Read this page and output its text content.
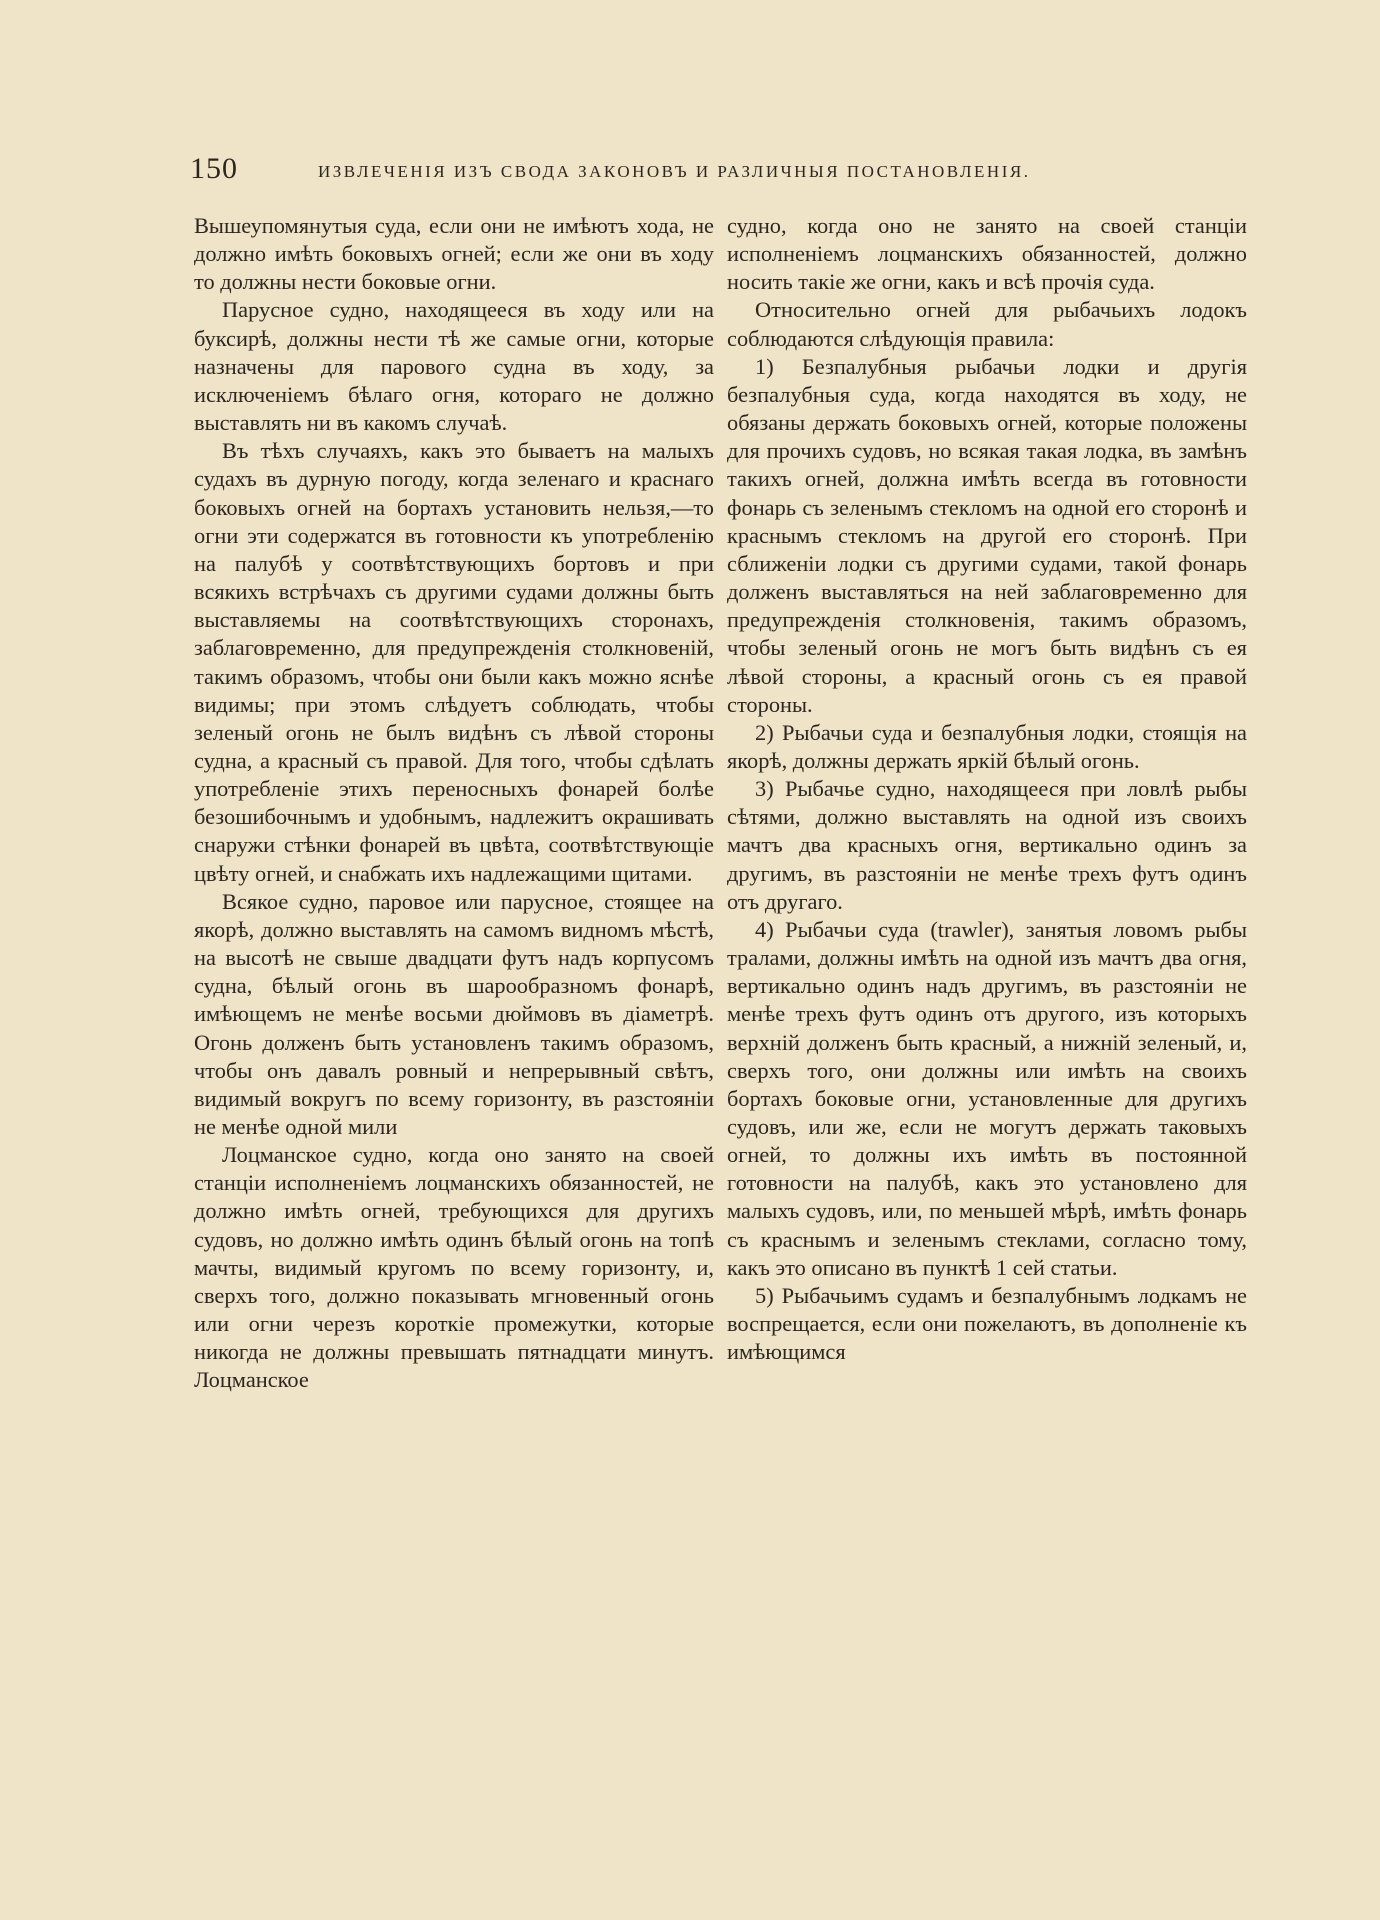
150	ИЗВЛЕЧЕНІЯ ИЗЪ СВОДА ЗАКОНОВЪ И РАЗЛИЧНЫЯ ПОСТАНОВЛЕНІЯ.

Вышеупомянутыя суда, если они не имѣютъ хода, не должно имѣть боковыхъ огней; если же они въ ходу то должны нести боковые огни.

Парусное судно, находящееся въ ходу или на буксирѣ, должны нести тѣ же самые огни, которые назначены для парового судна въ ходу, за исключеніемъ бѣлаго огня, котораго не должно выставлять ни въ какомъ случаѣ.

Въ тѣхъ случаяхъ, какъ это бываетъ на малыхъ судахъ въ дурную погоду, когда зеленаго и краснаго боковыхъ огней на бортахъ установить нельзя,—то огни эти содержатся въ готовности къ употребленію на палубѣ у соотвѣтствующихъ бортовъ и при всякихъ встрѣчахъ съ другими судами должны быть выставляемы на соотвѣтствующихъ сторонахъ, заблаговременно, для предупрежденія столкновеній, такимъ образомъ, чтобы они были какъ можно яснѣе видимы; при этомъ слѣдуетъ соблюдать, чтобы зеленый огонь не былъ видѣнъ съ лѣвой стороны судна, а красный съ правой. Для того, чтобы сдѣлать употребленіе этихъ переносныхъ фонарей болѣе безошибочнымъ и удобнымъ, надлежитъ окрашивать снаружи стѣнки фонарей въ цвѣта, соотвѣтствующіе цвѣту огней, и снабжать ихъ надлежащими щитами.

Всякое судно, паровое или парусное, стоящее на якорѣ, должно выставлять на самомъ видномъ мѣстѣ, на высотѣ не свыше двадцати футъ надъ корпусомъ судна, бѣлый огонь въ шарообразномъ фонарѣ, имѣющемъ не менѣе восьми дюймовъ въ діаметрѣ. Огонь долженъ быть установленъ такимъ образомъ, чтобы онъ давалъ ровный и непрерывный свѣтъ, видимый вокругъ по всему горизонту, въ разстояніи не менѣе одной мили

Лоцманское судно, когда оно занято на своей станціи исполненіемъ лоцманскихъ обязанностей, не должно имѣть огней, требующихся для другихъ судовъ, но должно имѣть одинъ бѣлый огонь на топѣ мачты, видимый кругомъ по всему горизонту, и, сверхъ того, должно показывать мгновенный огонь или огни черезъ короткіе промежутки, которые никогда не должны превышать пятнадцати минутъ. Лоцманское

судно, когда оно не занято на своей станціи исполненіемъ лоцманскихъ обязанностей, должно носить такіе же огни, какъ и всѣ прочія суда.

Относительно огней для рыбачьихъ лодокъ соблюдаются слѣдующія правила:

1) Безпалубныя рыбачьи лодки и другія безпалубныя суда, когда находятся въ ходу, не обязаны держать боковыхъ огней, которые положены для прочихъ судовъ, но всякая такая лодка, въ замѣнъ такихъ огней, должна имѣть всегда въ готовности фонарь съ зеленымъ стекломъ на одной его сторонѣ и краснымъ стекломъ на другой его сторонѣ. При сближеніи лодки съ другими судами, такой фонарь долженъ выставляться на ней заблаговременно для предупрежденія столкновенія, такимъ образомъ, чтобы зеленый огонь не могъ быть видѣнъ съ ея лѣвой стороны, а красный огонь съ ея правой стороны.

2) Рыбачьи суда и безпалубныя лодки, стоящія на якорѣ, должны держать яркій бѣлый огонь.

3) Рыбачье судно, находящееся при ловлѣ рыбы сѣтями, должно выставлять на одной изъ своихъ мачтъ два красныхъ огня, вертикально одинъ за другимъ, въ разстояніи не менѣе трехъ футъ одинъ отъ другаго.

4) Рыбачьи суда (trawler), занятыя ловомъ рыбы тралами, должны имѣть на одной изъ мачтъ два огня, вертикально одинъ надъ другимъ, въ разстояніи не менѣе трехъ футъ одинъ отъ другого, изъ которыхъ верхній долженъ быть красный, а нижній зеленый, и, сверхъ того, они должны или имѣть на своихъ бортахъ боковые огни, установленные для другихъ судовъ, или же, если не могутъ держать таковыхъ огней, то должны ихъ имѣть въ постоянной готовности на палубѣ, какъ это установлено для малыхъ судовъ, или, по меньшей мѣрѣ, имѣть фонарь съ краснымъ и зеленымъ стеклами, согласно тому, какъ это описано въ пунктѣ 1 сей статьи.

5) Рыбачьимъ судамъ и безпалубнымъ лодкамъ не воспрещается, если они пожелаютъ, въ дополненіе къ имѣющимся
